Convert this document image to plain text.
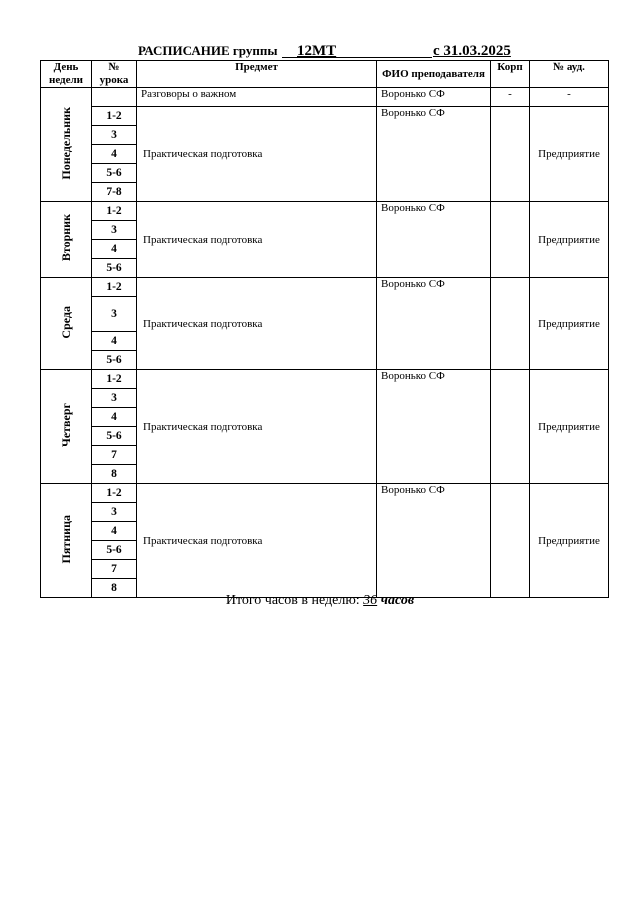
РАСПИСАНИЕ группы 12МТ	с 31.03.2025
День недели	№ урока	Предмет	ФИО преподавателя	Корп	№ ауд.
Понедельник		Разговоры о важном	Воронько СФ	-	-
	1-2	Практическая подготовка	Воронько СФ		Предприятие
	3				
	4				
	5-6				
	7-8				
Вторник	1-2	Практическая подготовка	Воронько СФ		Предприятие
	3				
	4				
	5-6				
Среда	1-2	Практическая подготовка	Воронько СФ		Предприятие
	3				
	4				
	5-6				
Четверг	1-2	Практическая подготовка	Воронько СФ		Предприятие
	3				
	4				
	5-6				
	7				
	8				
Пятница	1-2	Практическая подготовка	Воронько СФ		Предприятие
	3				
	4				
	5-6				
	7				
	8				
Итого часов в неделю: 36 часов
